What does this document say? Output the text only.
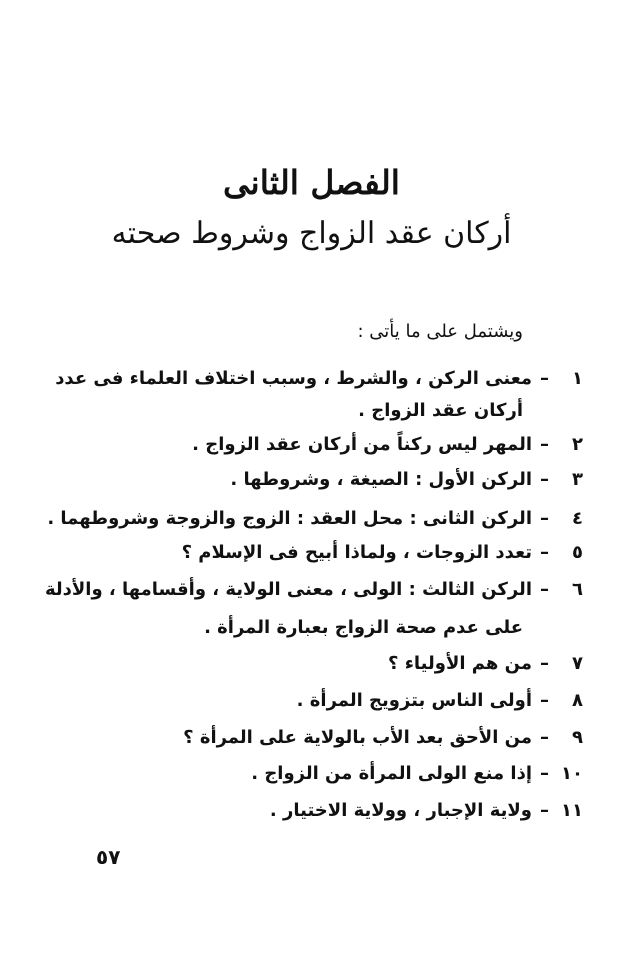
الفصل الثانى
أركان عقد الزواج وشروط صحته
ويشتمل على ما يأتى :
١–معنى الركن ، والشرط ، وسبب اختلاف العلماء فى عدد
أركان عقد الزواج .
٢–المهر ليس ركناً من أركان عقد الزواج .
٣–الركن الأول : الصيغة ، وشروطها .
٤–الركن الثانى : محل العقد : الزوج والزوجة وشروطهما .
٥–تعدد الزوجات ، ولماذا أبيح فى الإسلام ؟
٦–الركن الثالث : الولى ، معنى الولاية ، وأقسامها ، والأدلة
على عدم صحة الزواج بعبارة المرأة .
٧–من هم الأولياء ؟
٨–أولى الناس بتزويج المرأة .
٩–من الأحق بعد الأب بالولاية على المرأة ؟
١٠–إذا منع الولى المرأة من الزواج .
١١–ولاية الإجبار ، وولاية الاختيار .
٥٧
